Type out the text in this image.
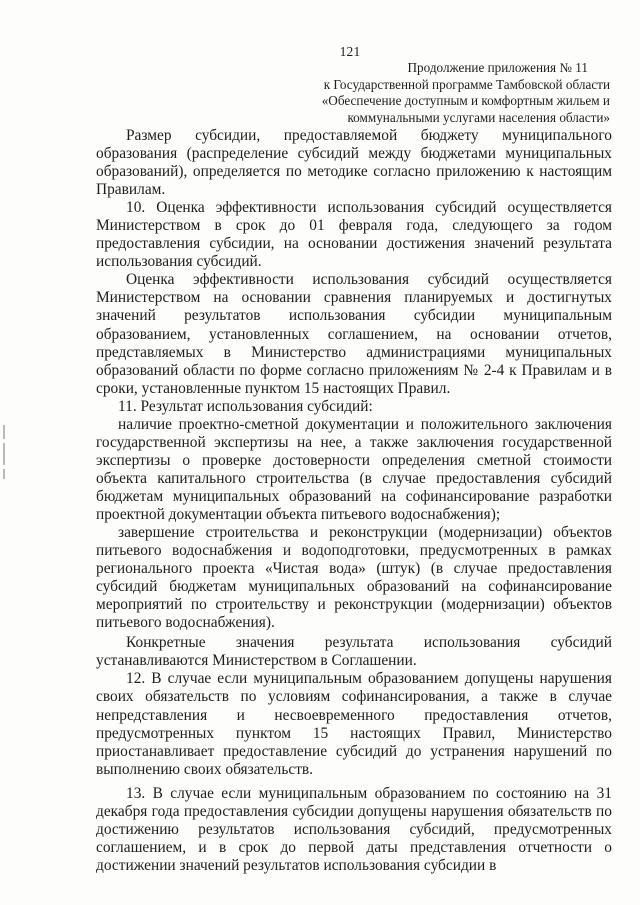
121
Продолжение приложения № 11
к Государственной программе Тамбовской области
«Обеспечение доступным и комфортным жильем и
коммунальными услугами населения области»

Размер субсидии, предоставляемой бюджету муниципального образования (распределение субсидий между бюджетами муниципальных образований), определяется по методике согласно приложению к настоящим Правилам.

10. Оценка эффективности использования субсидий осуществляется Министерством в срок до 01 февраля года, следующего за годом предоставления субсидии, на основании достижения значений результата использования субсидий.

Оценка эффективности использования субсидий осуществляется Министерством на основании сравнения планируемых и достигнутых значений результатов использования субсидии муниципальным образованием, установленных соглашением, на основании отчетов, представляемых в Министерство администрациями муниципальных образований области по форме согласно приложениям № 2-4 к Правилам и в сроки, установленные пунктом 15 настоящих Правил.

11. Результат использования субсидий:

наличие проектно-сметной документации и положительного заключения государственной экспертизы на нее, а также заключения государственной экспертизы о проверке достоверности определения сметной стоимости объекта капитального строительства (в случае предоставления субсидий бюджетам муниципальных образований на софинансирование разработки проектной документации объекта питьевого водоснабжения);

завершение строительства и реконструкции (модернизации) объектов питьевого водоснабжения и водоподготовки, предусмотренных в рамках регионального проекта «Чистая вода» (штук) (в случае предоставления субсидий бюджетам муниципальных образований на софинансирование мероприятий по строительству и реконструкции (модернизации) объектов питьевого водоснабжения).

Конкретные значения результата использования субсидий устанавливаются Министерством в Соглашении.

12. В случае если муниципальным образованием допущены нарушения своих обязательств по условиям софинансирования, а также в случае непредставления и несвоевременного предоставления отчетов, предусмотренных пунктом 15 настоящих Правил, Министерство приостанавливает предоставление субсидий до устранения нарушений по выполнению своих обязательств.

13. В случае если муниципальным образованием по состоянию на 31 декабря года предоставления субсидии допущены нарушения обязательств по достижению результатов использования субсидий, предусмотренных соглашением, и в срок до первой даты представления отчетности о достижении значений результатов использования субсидии в
